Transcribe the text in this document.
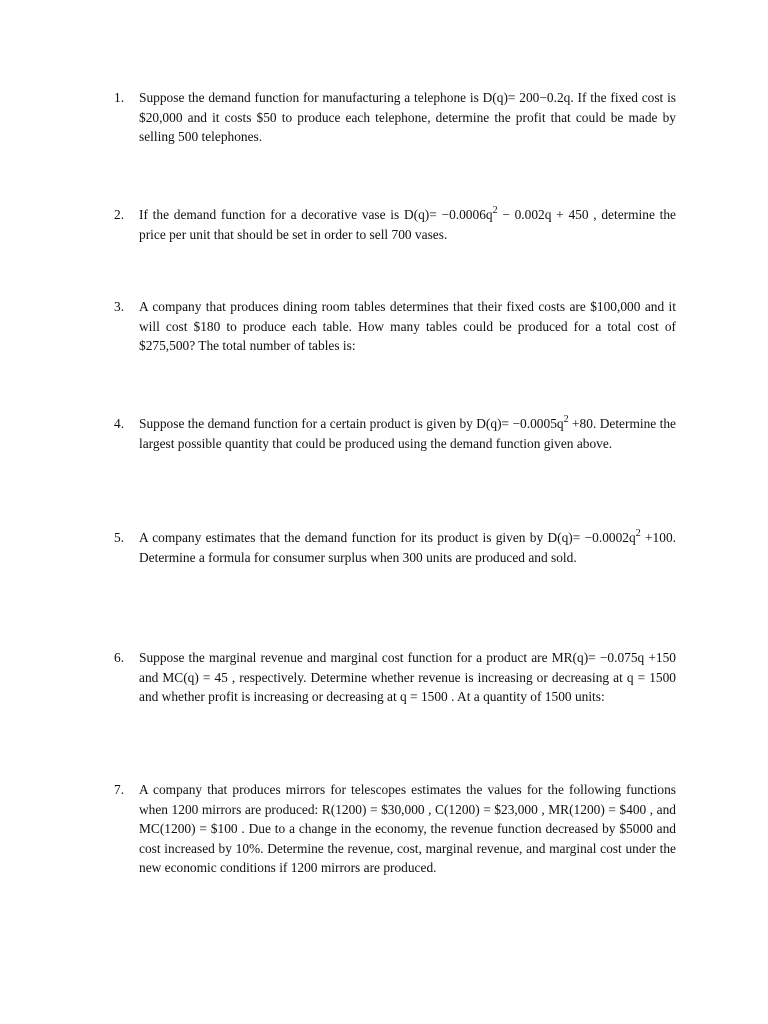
1.	Suppose the demand function for manufacturing a telephone is D(q)= 200−0.2q. If the fixed cost is $20,000 and it costs $50 to produce each telephone, determine the profit that could be made by selling 500 telephones.
2.	If the demand function for a decorative vase is $D(q)= -0.0006q^2 - 0.002q + 450$ , determine the price per unit that should be set in order to sell 700 vases.
3.	A company that produces dining room tables determines that their fixed costs are $100,000 and it will cost $180 to produce each table. How many tables could be produced for a total cost of $275,500? The total number of tables is:
4.	Suppose the demand function for a certain product is given by $D(q)= -0.0005q^2 +80$. Determine the largest possible quantity that could be produced using the demand function given above.
5.	A company estimates that the demand function for its product is given by $D(q)= -0.0002q^2 +100$. Determine a formula for consumer surplus when 300 units are produced and sold.
6.	Suppose the marginal revenue and marginal cost function for a product are MR(q)= −0.075q +150 and MC(q) = 45 , respectively. Determine whether revenue is increasing or decreasing at q = 1500 and whether profit is increasing or decreasing at q = 1500 . At a quantity of 1500 units:
7.	A company that produces mirrors for telescopes estimates the values for the following functions when 1200 mirrors are produced: R(1200) = $30,000 , C(1200) = $23,000 , MR(1200) = $400 , and MC(1200) = $100 . Due to a change in the economy, the revenue function decreased by $5000 and cost increased by 10%. Determine the revenue, cost, marginal revenue, and marginal cost under the new economic conditions if 1200 mirrors are produced.
